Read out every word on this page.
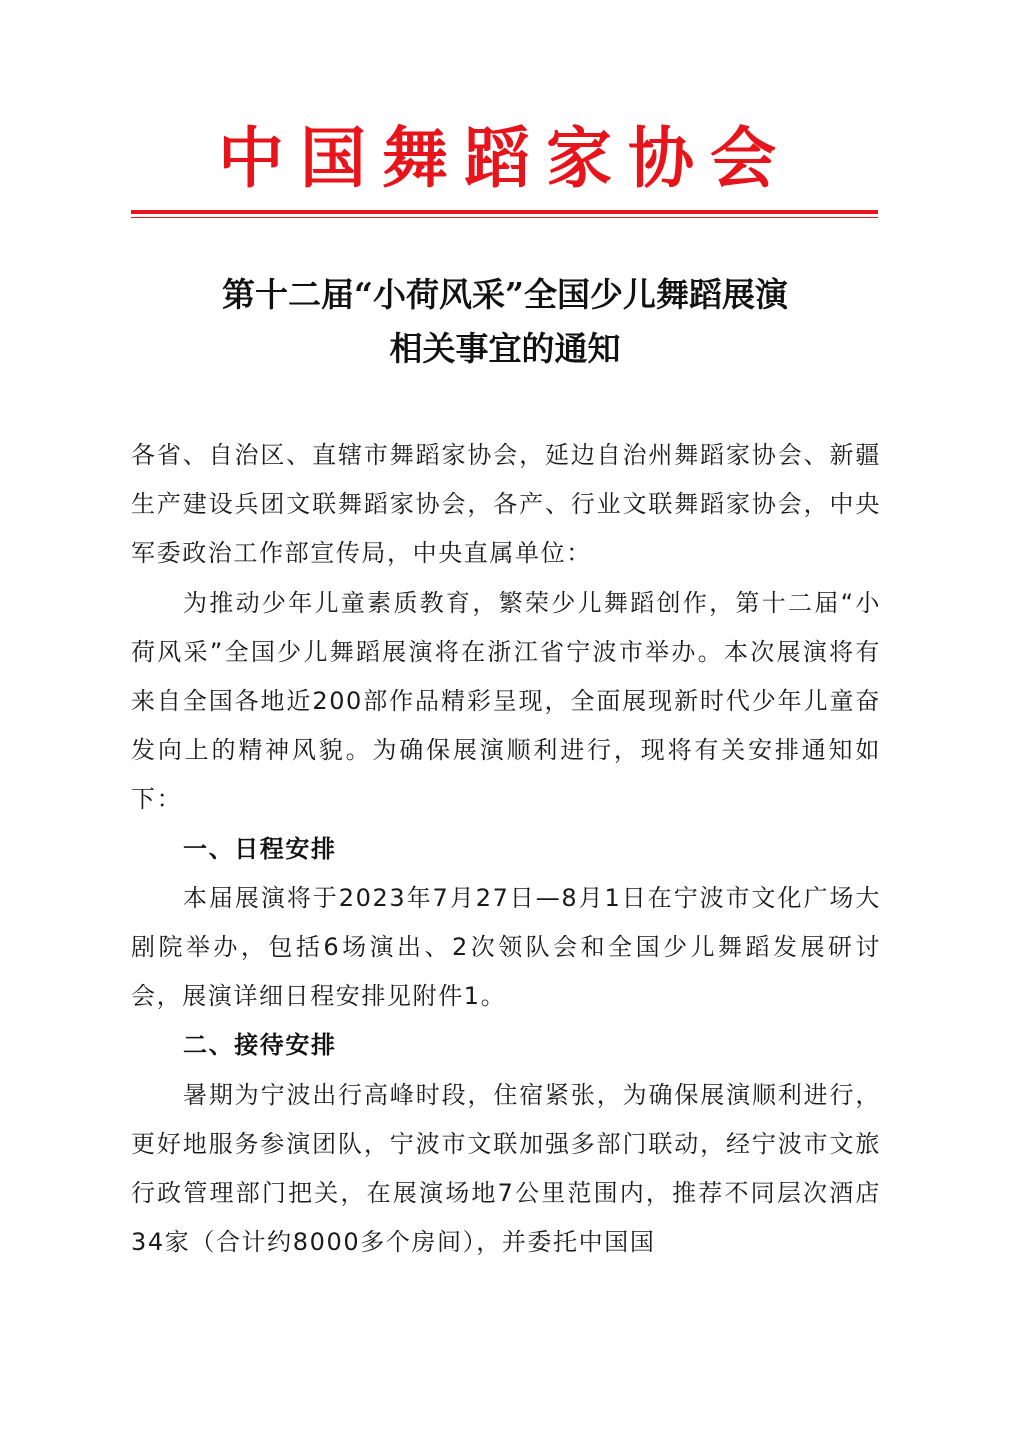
中国舞蹈家协会
第十二届“小荷风采”全国少儿舞蹈展演
相关事宜的通知

各省、自治区、直辖市舞蹈家协会，延边自治州舞蹈家协会、新疆生产建设兵团文联舞蹈家协会，各产、行业文联舞蹈家协会，中央军委政治工作部宣传局，中央直属单位：

为推动少年儿童素质教育，繁荣少儿舞蹈创作，第十二届“小荷风采”全国少儿舞蹈展演将在浙江省宁波市举办。本次展演将有来自全国各地近200部作品精彩呈现，全面展现新时代少年儿童奋发向上的精神风貌。为确保展演顺利进行，现将有关安排通知如下：

一、日程安排

本届展演将于2023年7月27日—8月1日在宁波市文化广场大剧院举办，包括6场演出、2次领队会和全国少儿舞蹈发展研讨会，展演详细日程安排见附件1。

二、接待安排

暑期为宁波出行高峰时段，住宿紧张，为确保展演顺利进行，更好地服务参演团队，宁波市文联加强多部门联动，经宁波市文旅行政管理部门把关，在展演场地7公里范围内，推荐不同层次酒店34家（合计约8000多个房间），并委托中国国
